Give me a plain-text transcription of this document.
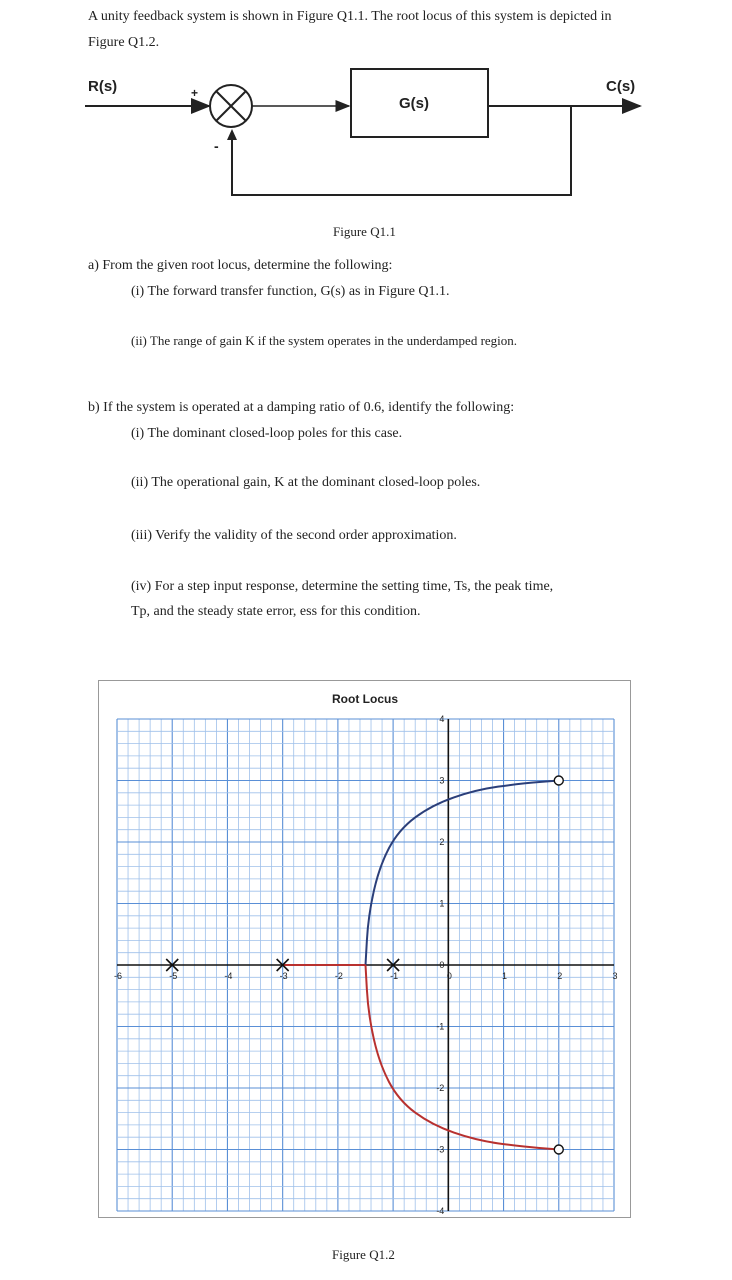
A unity feedback system is shown in Figure Q1.1. The root locus of this system is depicted in
Figure Q1.2.
R(s)	+
-
G(s)
C(s)
Figure Q1.1
a) From the given root locus, determine the following:
(i) The forward transfer function, G(s) as in Figure Q1.1.
(ii) The range of gain K if the system operates in the underdamped region.
b) If the system is operated at a damping ratio of 0.6, identify the following:
(i) The dominant closed-loop poles for this case.
(ii) The operational gain, K at the dominant closed-loop poles.
(iii) Verify the validity of the second order approximation.
(iv) For a step input response, determine the setting time, Ts, the peak time,
Tp, and the steady state error, ess for this condition.
Root Locus
-6	-5	-4	-3	-2	-1	0	1	2	3
4
3
2
1
0
-1
-2
-3
-4
Figure Q1.2
